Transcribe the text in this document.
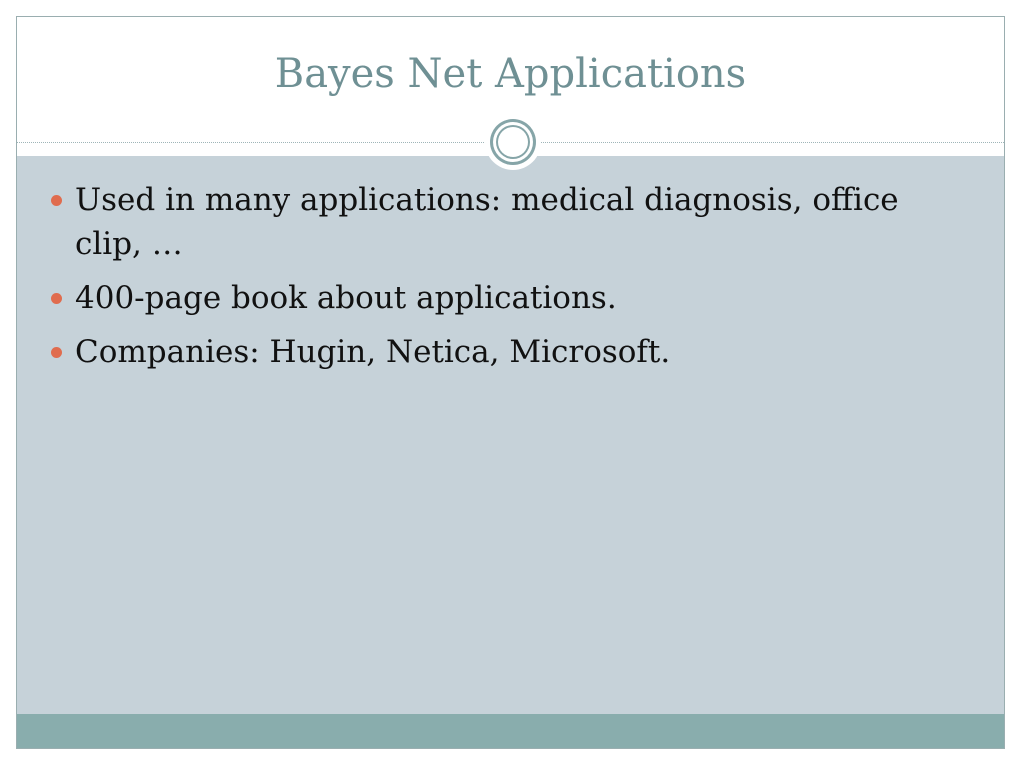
Bayes Net Applications
Used in many applications: medical diagnosis, office clip, …
400-page book about applications.
Companies: Hugin, Netica, Microsoft.
